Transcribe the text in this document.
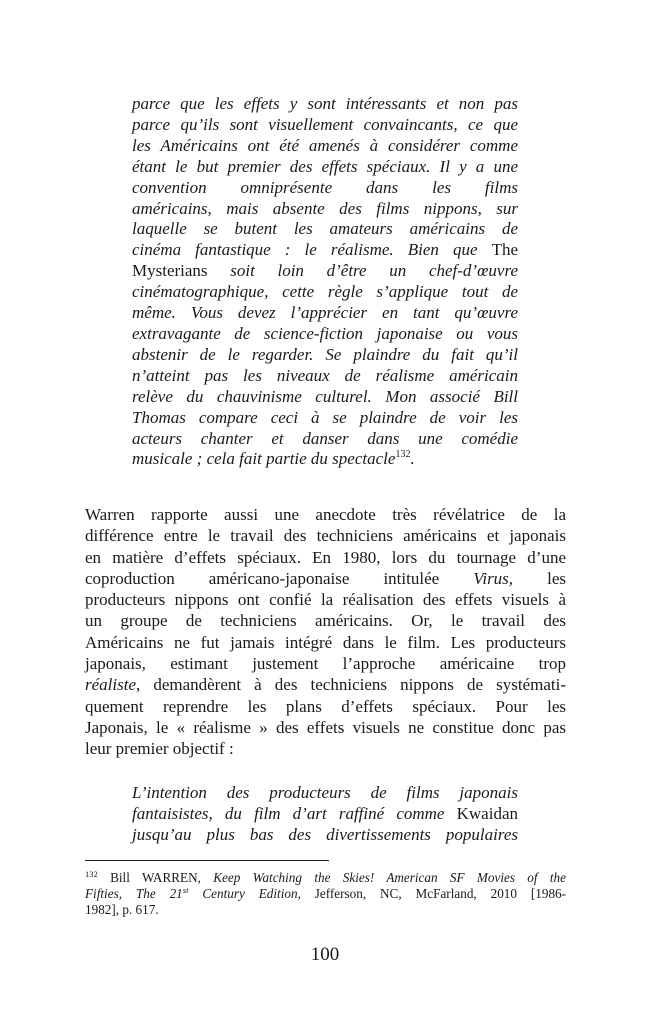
parce que les effets y sont intéressants et non pas
parce qu’ils sont visuellement convaincants, ce que
les Américains ont été amenés à considérer comme
étant le but premier des effets spéciaux. Il y a une
convention omniprésente dans les films
américains, mais absente des films nippons, sur
laquelle se butent les amateurs américains de
cinéma fantastique : le réalisme. Bien que The
Mysterians soit loin d’être un chef-d’œuvre
cinématographique, cette règle s’applique tout de
même. Vous devez l’apprécier en tant qu’œuvre
extravagante de science-fiction japonaise ou vous
abstenir de le regarder. Se plaindre du fait qu’il
n’atteint pas les niveaux de réalisme américain
relève du chauvinisme culturel. Mon associé Bill
Thomas compare ceci à se plaindre de voir les
acteurs chanter et danser dans une comédie
musicale ; cela fait partie du spectacle$^{132}$.
Warren rapporte aussi une anecdote très révélatrice de la
différence entre le travail des techniciens américains et japonais
en matière d’effets spéciaux. En 1980, lors du tournage d’une
coproduction américano-japonaise intitulée Virus, les
producteurs nippons ont confié la réalisation des effets visuels à
un groupe de techniciens américains. Or, le travail des
Américains ne fut jamais intégré dans le film. Les producteurs
japonais, estimant justement l’approche américaine trop
réaliste, demandèrent à des techniciens nippons de systémati-
quement reprendre les plans d’effets spéciaux. Pour les
Japonais, le « réalisme » des effets visuels ne constitue donc pas
leur premier objectif :
L’intention des producteurs de films japonais
fantaisistes, du film d’art raffiné comme Kwaidan
jusqu’au plus bas des divertissements populaires
$^{132}$ Bill WARREN, Keep Watching the Skies! American SF Movies of the
Fifties, The 21st Century Edition, Jefferson, NC, McFarland, 2010 [1986-
1982], p. 617.
100
